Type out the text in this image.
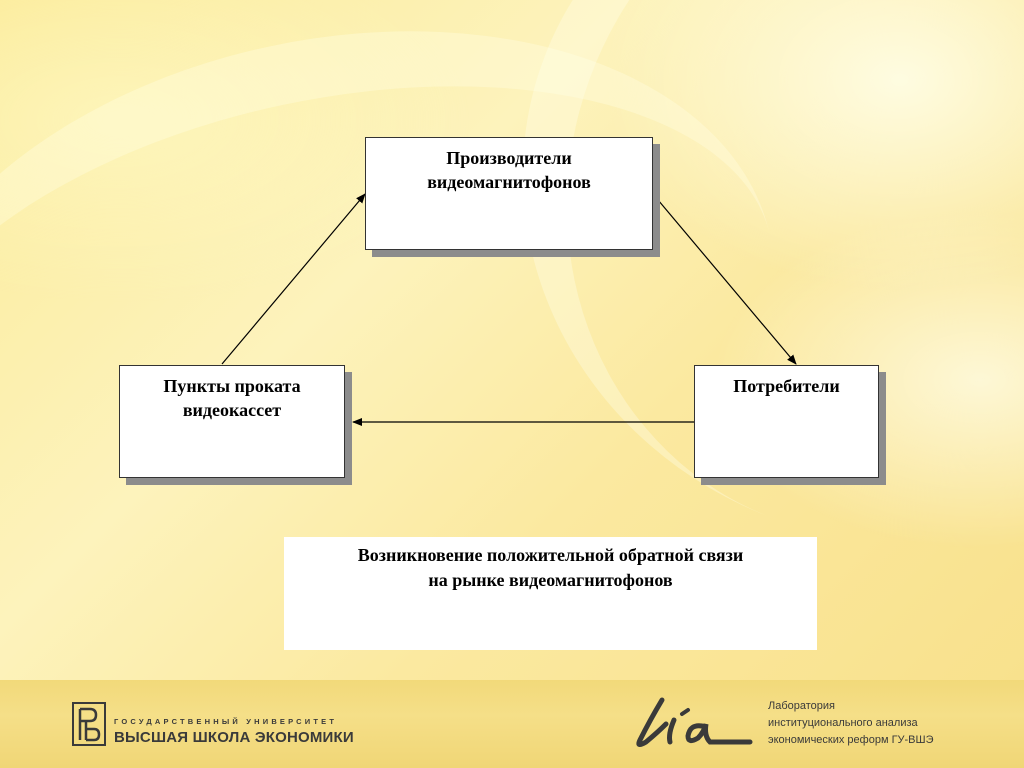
Производители
видеомагнитофонов
Пункты проката
видеокассет
Потребители
Возникновение положительной обратной связи
на рынке видеомагнитофонов
ГОСУДАРСТВЕННЫЙ УНИВЕРСИТЕТ
ВЫСШАЯ ШКОЛА ЭКОНОМИКИ
Лаборатория
институционального анализа
экономических реформ ГУ-ВШЭ
